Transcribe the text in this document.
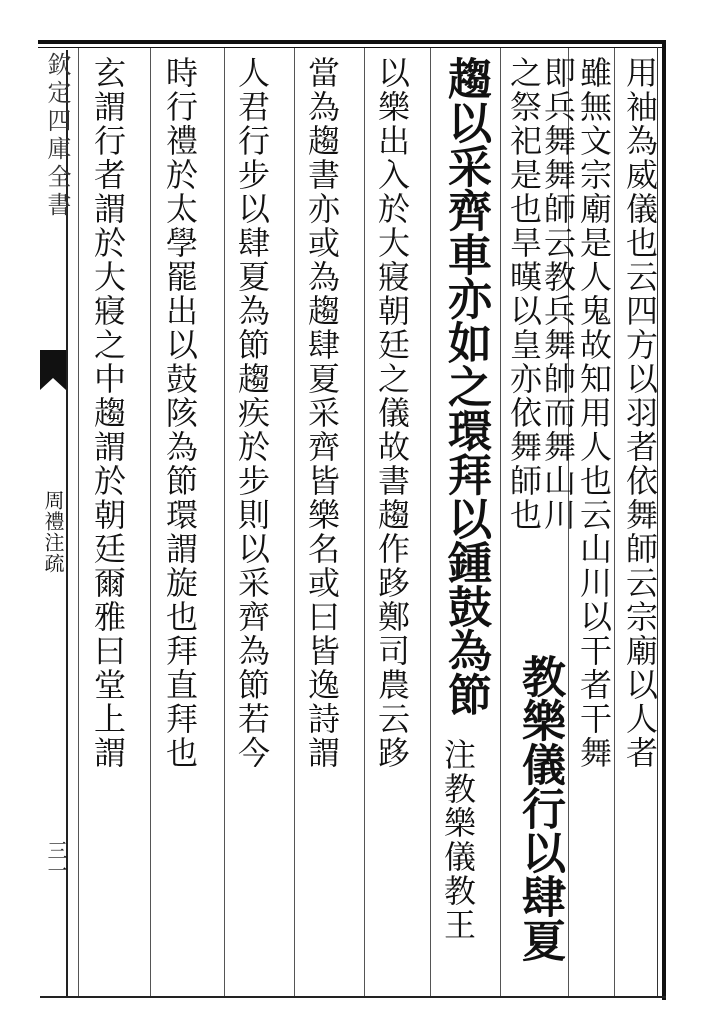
欽定四庫全書
周禮注疏
三一
用袖為威儀也云四方以羽者依舞師云宗廟以人者
雖無文宗廟是人鬼故知用人也云山川以干者干舞
即兵舞舞師云教兵舞帥而舞山川
教樂儀行以肆夏
之祭祀是也旱暵以皇亦依舞師也
趨以采齊車亦如之環拜以鍾鼓為節
注教樂儀教王
以樂出入於大寢朝廷之儀故書趨作跢鄭司農云跢
當為趨書亦或為趨肆夏采齊皆樂名或曰皆逸詩謂
人君行步以肆夏為節趨疾於步則以采齊為節若今
時行禮於太學罷出以鼓陔為節環謂旋也拜直拜也
玄謂行者謂於大寢之中趨謂於朝廷爾雅曰堂上謂
